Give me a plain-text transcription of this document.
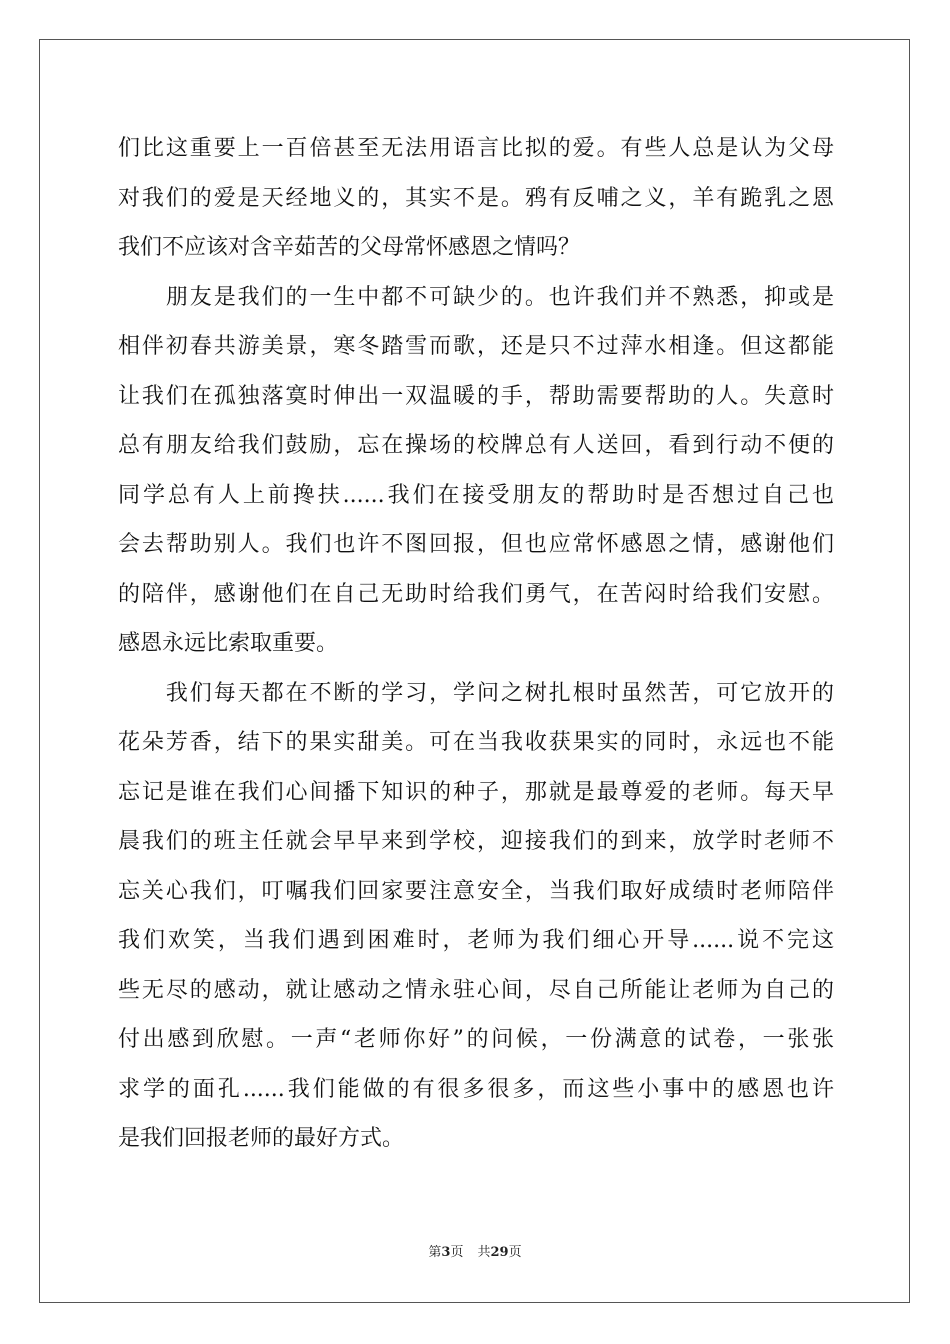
们比这重要上一百倍甚至无法用语言比拟的爱。有些人总是认为父母
对我们的爱是天经地义的，其实不是。鸦有反哺之义，羊有跪乳之恩
我们不应该对含辛茹苦的父母常怀感恩之情吗？
　　朋友是我们的一生中都不可缺少的。也许我们并不熟悉，抑或是
相伴初春共游美景，寒冬踏雪而歌，还是只不过萍水相逢。但这都能
让我们在孤独落寞时伸出一双温暖的手，帮助需要帮助的人。失意时
总有朋友给我们鼓励，忘在操场的校牌总有人送回，看到行动不便的
同学总有人上前搀扶......我们在接受朋友的帮助时是否想过自己也
会去帮助别人。我们也许不图回报，但也应常怀感恩之情，感谢他们
的陪伴，感谢他们在自己无助时给我们勇气，在苦闷时给我们安慰。
感恩永远比索取重要。
　　我们每天都在不断的学习，学问之树扎根时虽然苦，可它放开的
花朵芳香，结下的果实甜美。可在当我收获果实的同时，永远也不能
忘记是谁在我们心间播下知识的种子，那就是最尊爱的老师。每天早
晨我们的班主任就会早早来到学校，迎接我们的到来，放学时老师不
忘关心我们，叮嘱我们回家要注意安全，当我们取好成绩时老师陪伴
我们欢笑，当我们遇到困难时，老师为我们细心开导......说不完这
些无尽的感动，就让感动之情永驻心间，尽自己所能让老师为自己的
付出感到欣慰。一声“老师你好”的问候，一份满意的试卷，一张张
求学的面孔......我们能做的有很多很多，而这些小事中的感恩也许
是我们回报老师的最好方式。
第3页 共29页
